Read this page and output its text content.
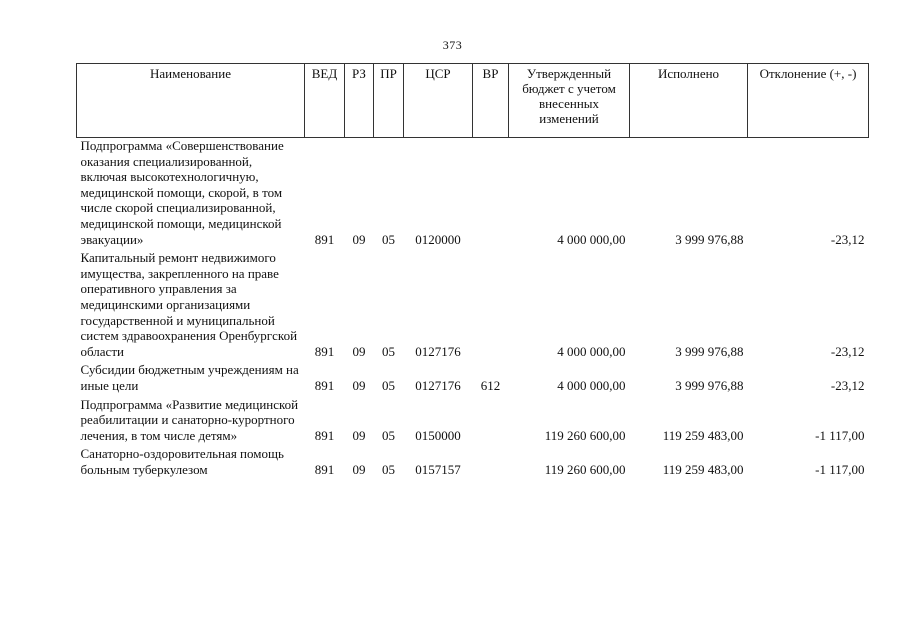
373
Наименование	ВЕД	РЗ	ПР	ЦСР	ВР	Утвержденный бюджет с учетом внесенных изменений	Исполнено	Отклонение (+, -)
Подпрограмма «Совершенствование оказания специализированной, включая высокотехнологичную, медицинской помощи, скорой, в том числе скорой специализированной, медицинской помощи, медицинской эвакуации»	891	09	05	0120000		4 000 000,00	3 999 976,88	-23,12
Капитальный ремонт недвижимого имущества, закрепленного на праве оперативного управления за медицинскими организациями государственной и муниципальной систем здравоохранения Оренбургской области	891	09	05	0127176		4 000 000,00	3 999 976,88	-23,12
Субсидии бюджетным учреждениям на иные цели	891	09	05	0127176	612	4 000 000,00	3 999 976,88	-23,12
Подпрограмма «Развитие медицинской реабилитации и санаторно-курортного лечения, в том числе детям»	891	09	05	0150000		119 260 600,00	119 259 483,00	-1 117,00
Санаторно-оздоровительная помощь больным туберкулезом	891	09	05	0157157		119 260 600,00	119 259 483,00	-1 117,00
